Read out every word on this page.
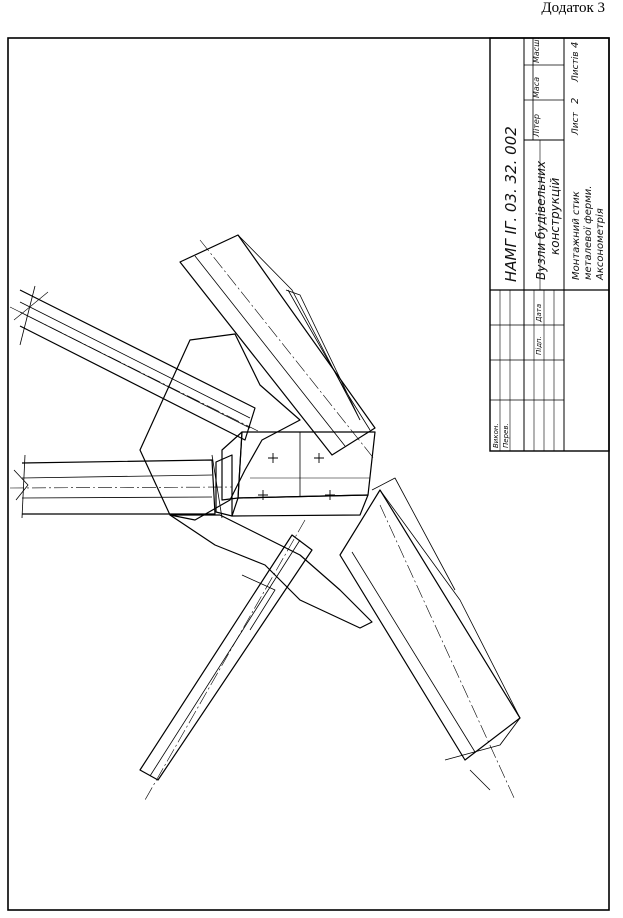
Додаток 3
НАМГ ІГ. 03. 32. 002 Вузли будівельних конструкцій Монтажний стик металевої ферми. Аксонометрія
Літер
Маса
Масш.
Лист
2
Листів
4
Підп.
Дата
Викон. Перев.
